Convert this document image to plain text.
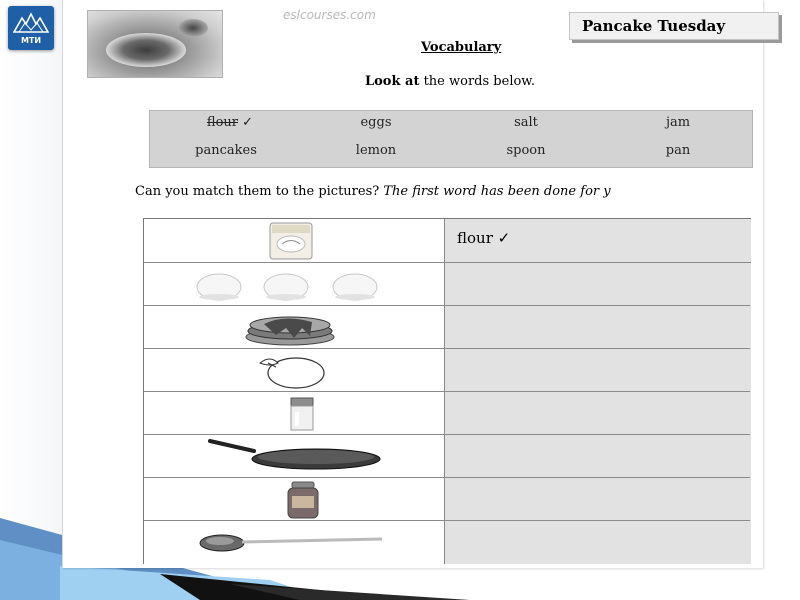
МТИ
eslcourses.com
Pancake Tuesday
Vocabulary
Look at the words below.
flour ✓	eggs	salt	jam
pancakes	lemon	spoon	pan
Can you match them to the pictures? The first word has been done for y
flour ✓
